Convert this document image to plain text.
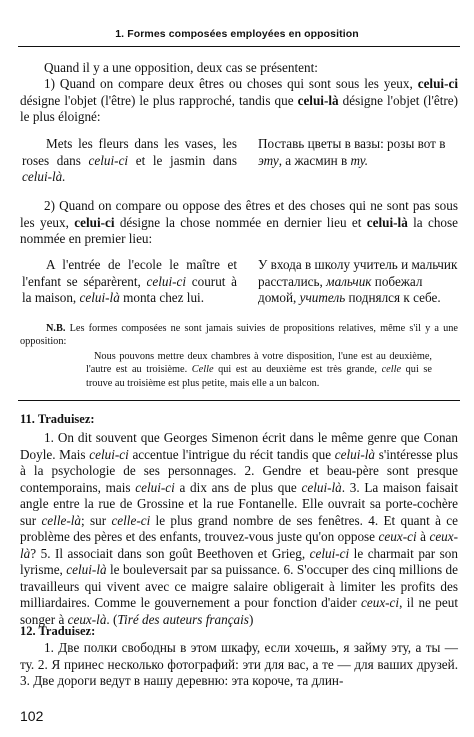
1. Formes composées employées en opposition

Quand il y a une opposition, deux cas se présentent:

1) Quand on compare deux êtres ou choses qui sont sous les yeux, celui-ci désigne l'objet (l'être) le plus rapproché, tandis que celui-là désigne l'objet (l'être) le plus éloigné:

Mets les fleurs dans les vases, les roses dans celui-ci et le jasmin dans celui-là.

Поставь цветы в вазы: розы вот в эту, а жасмин в ту.

2) Quand on compare ou oppose des êtres et des choses qui ne sont pas sous les yeux, celui-ci désigne la chose nommée en dernier lieu et celui-là la chose nommée en premier lieu:

A l'entrée de l'ecole le maître et l'enfant se séparèrent, celui-ci courut à la maison, celui-là monta chez lui.

У входа в школу учитель и мальчик расстались, мальчик побежал домой, учитель поднялся к себе.

N.B. Les formes composées ne sont jamais suivies de propositions relatives, même s'il y a une opposition:

Nous pouvons mettre deux chambres à votre disposition, l'une est au deuxième, l'autre est au troisième. Celle qui est au deuxième est très grande, celle qui se trouve au troisième est plus petite, mais elle a un balcon.

11. Traduisez:

1. On dit souvent que Georges Simenon écrit dans le même genre que Conan Doyle. Mais celui-ci accentue l'intrigue du récit tandis que celui-là s'intéresse plus à la psychologie de ses personnages. 2. Gendre et beau-père sont presque contemporains, mais celui-ci a dix ans de plus que celui-là. 3. La maison faisait angle entre la rue de Grossine et la rue Fontanelle. Elle ouvrait sa porte-cochère sur celle-là; sur celle-ci le plus grand nombre de ses fenêtres. 4. Et quant à ce problème des pères et des enfants, trouvez-vous juste qu'on oppose ceux-ci à ceux-là? 5. Il associait dans son goût Beethoven et Grieg, celui-ci le charmait par son lyrisme, celui-là le bouleversait par sa puissance. 6. S'occuper des cinq millions de travailleurs qui vivent avec ce maigre salaire obligerait à limiter les profits des milliardaires. Comme le gouvernement a pour fonction d'aider ceux-ci, il ne peut songer à ceux-là. (Tiré des auteurs français)

12. Traduisez:

1. Две полки свободны в этом шкафу, если хочешь, я займу эту, а ты — ту. 2. Я принес несколько фотографий: эти для вас, а те — для ваших друзей. 3. Две дороги ведут в нашу деревню: эта короче, та длин-

102
